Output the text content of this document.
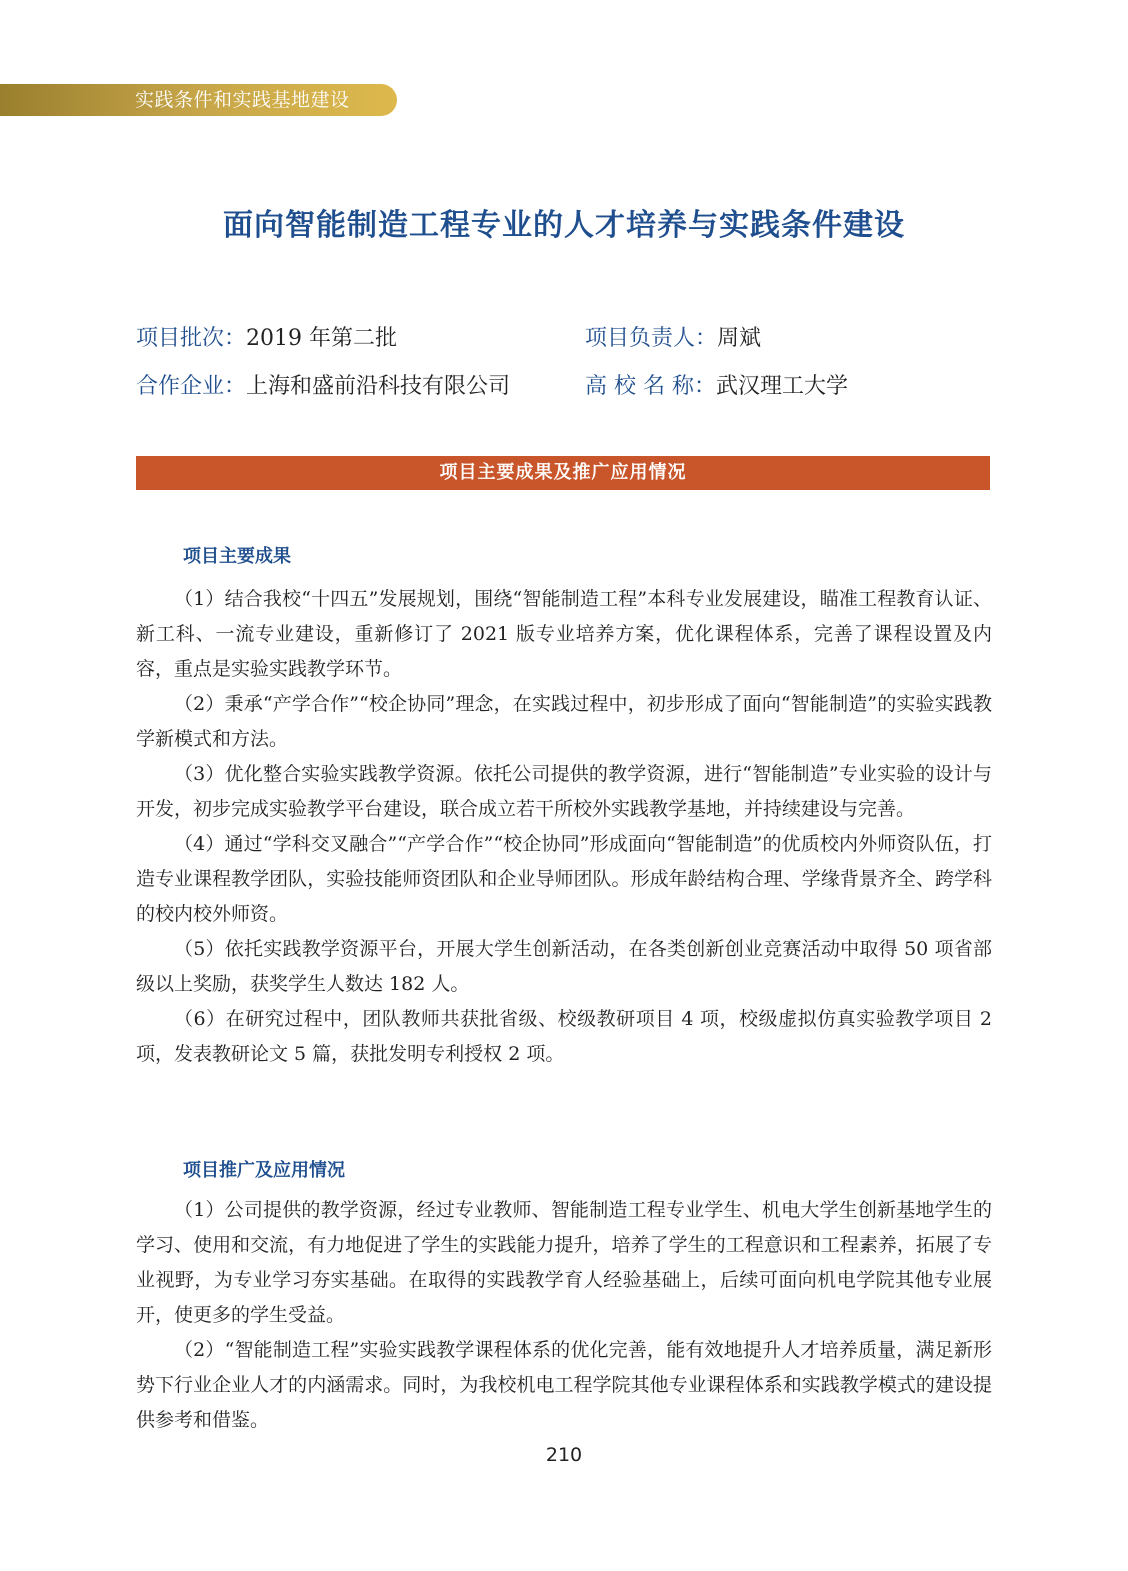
实践条件和实践基地建设
面向智能制造工程专业的人才培养与实践条件建设
项目批次：2019 年第二批	项目负责人：周斌
合作企业：上海和盛前沿科技有限公司	高 校 名 称：武汉理工大学
项目主要成果及推广应用情况
项目主要成果

（1）结合我校“十四五”发展规划，围绕“智能制造工程”本科专业发展建设，瞄准工程教育认证、新工科、一流专业建设，重新修订了 2021 版专业培养方案，优化课程体系，完善了课程设置及内容，重点是实验实践教学环节。

（2）秉承“产学合作”“校企协同”理念，在实践过程中，初步形成了面向“智能制造”的实验实践教学新模式和方法。

（3）优化整合实验实践教学资源。依托公司提供的教学资源，进行“智能制造”专业实验的设计与开发，初步完成实验教学平台建设，联合成立若干所校外实践教学基地，并持续建设与完善。

（4）通过“学科交叉融合”“产学合作”“校企协同”形成面向“智能制造”的优质校内外师资队伍，打造专业课程教学团队，实验技能师资团队和企业导师团队。形成年龄结构合理、学缘背景齐全、跨学科的校内校外师资。

（5）依托实践教学资源平台，开展大学生创新活动，在各类创新创业竞赛活动中取得 50 项省部级以上奖励，获奖学生人数达 182 人。

（6）在研究过程中，团队教师共获批省级、校级教研项目 4 项，校级虚拟仿真实验教学项目 2 项，发表教研论文 5 篇，获批发明专利授权 2 项。

项目推广及应用情况

（1）公司提供的教学资源，经过专业教师、智能制造工程专业学生、机电大学生创新基地学生的学习、使用和交流，有力地促进了学生的实践能力提升，培养了学生的工程意识和工程素养，拓展了专业视野，为专业学习夯实基础。在取得的实践教学育人经验基础上，后续可面向机电学院其他专业展开，使更多的学生受益。

（2）“智能制造工程”实验实践教学课程体系的优化完善，能有效地提升人才培养质量，满足新形势下行业企业人才的内涵需求。同时，为我校机电工程学院其他专业课程体系和实践教学模式的建设提供参考和借鉴。

210
